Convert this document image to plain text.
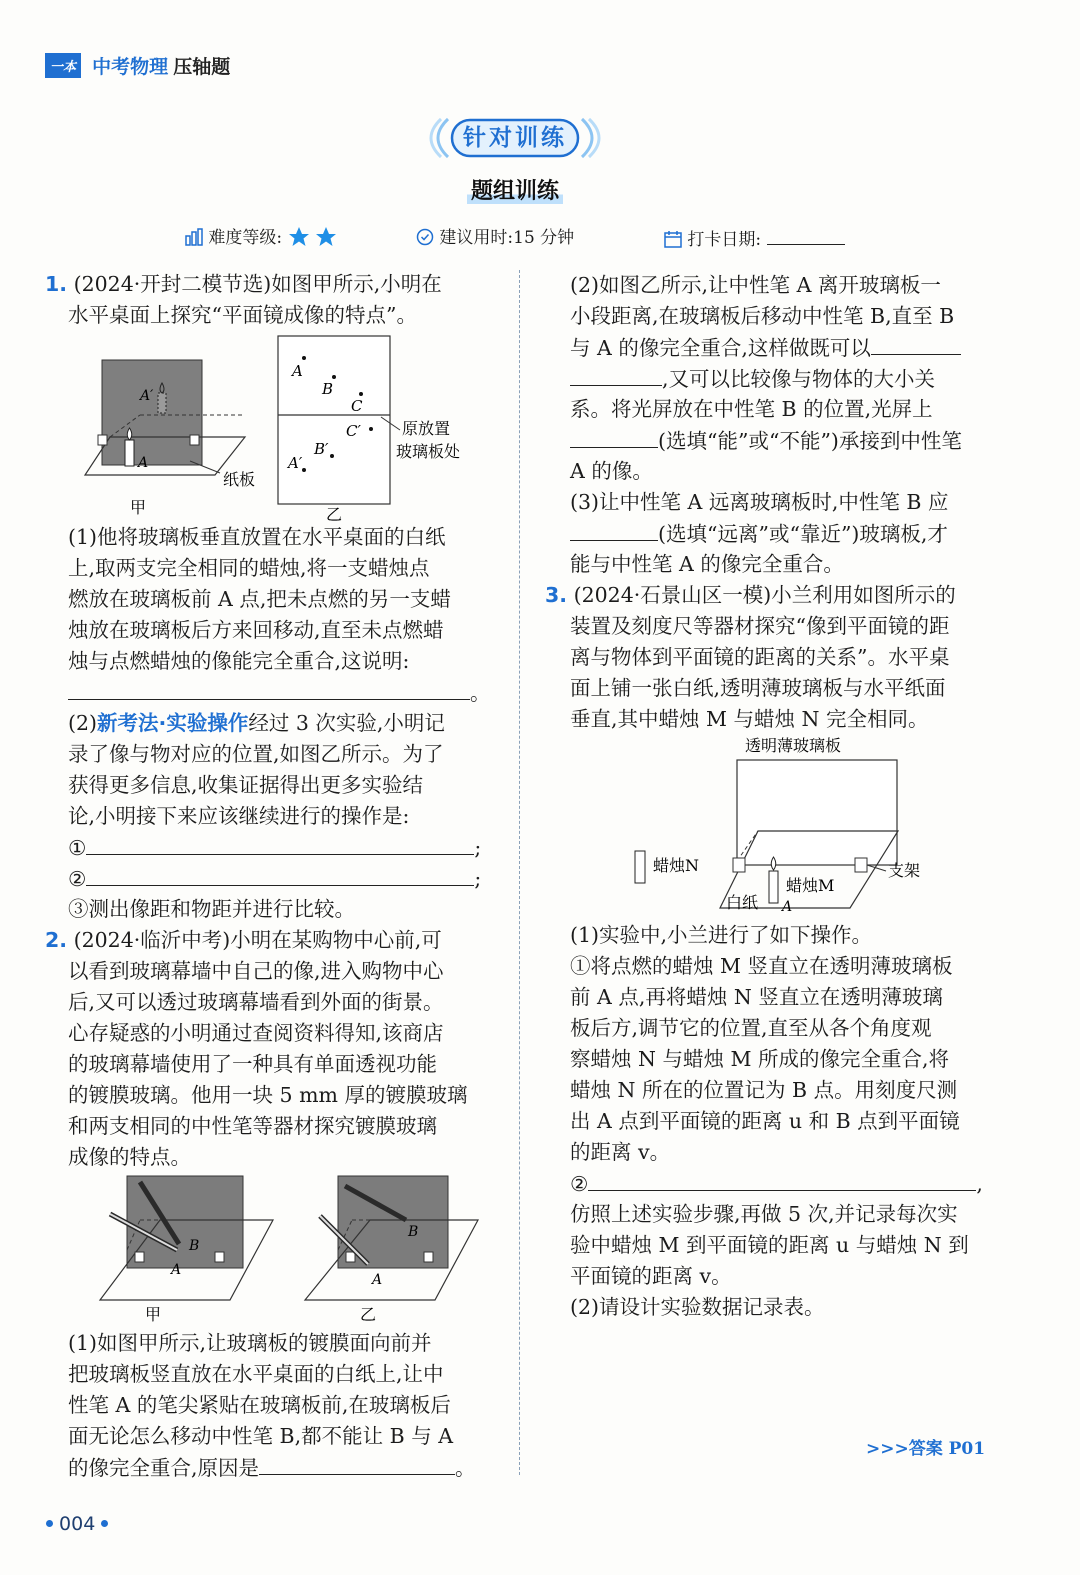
一本 中考物理 压轴题
针对训练
题组训练
难度等级:	建议用时:15 分钟	打卡日期:
1. (2024·开封二模节选)如图甲所示,小明在
水平桌面上探究“平面镜成像的特点”。
A′
A
纸板
甲
A
B
C
C′
B′
A′
原放置
玻璃板处
乙
(1)他将玻璃板垂直放置在水平桌面的白纸
上,取两支完全相同的蜡烛,将一支蜡烛点
燃放在玻璃板前 A 点,把未点燃的另一支蜡
烛放在玻璃板后方来回移动,直至未点燃蜡
烛与点燃蜡烛的像能完全重合,这说明:
。
(2)新考法·实验操作经过 3 次实验,小明记
录了像与物对应的位置,如图乙所示。为了
获得更多信息,收集证据得出更多实验结
论,小明接下来应该继续进行的操作是:
①	;
②	;
③测出像距和物距并进行比较。
2. (2024·临沂中考)小明在某购物中心前,可
以看到玻璃幕墙中自己的像,进入购物中心
后,又可以透过玻璃幕墙看到外面的街景。
心存疑惑的小明通过查阅资料得知,该商店
的玻璃幕墙使用了一种具有单面透视功能
的镀膜玻璃。他用一块 5 mm 厚的镀膜玻璃
和两支相同的中性笔等器材探究镀膜玻璃
成像的特点。
B
A
甲
B
A
乙
(1)如图甲所示,让玻璃板的镀膜面向前并
把玻璃板竖直放在水平桌面的白纸上,让中
性笔 A 的笔尖紧贴在玻璃板前,在玻璃板后
面无论怎么移动中性笔 B,都不能让 B 与 A
的像完全重合,原因是	。
(2)如图乙所示,让中性笔 A 离开玻璃板一
小段距离,在玻璃板后移动中性笔 B,直至 B
与 A 的像完全重合,这样做既可以
,又可以比较像与物体的大小关
系。将光屏放在中性笔 B 的位置,光屏上
(选填“能”或“不能”)承接到中性笔
A 的像。
(3)让中性笔 A 远离玻璃板时,中性笔 B 应
(选填“远离”或“靠近”)玻璃板,才
能与中性笔 A 的像完全重合。
3. (2024·石景山区一模)小兰利用如图所示的
装置及刻度尺等器材探究“像到平面镜的距
离与物体到平面镜的距离的关系”。水平桌
面上铺一张白纸,透明薄玻璃板与水平纸面
垂直,其中蜡烛 M 与蜡烛 N 完全相同。
透明薄玻璃板
蜡烛N	支架
蜡烛M
白纸 A
(1)实验中,小兰进行了如下操作。
①将点燃的蜡烛 M 竖直立在透明薄玻璃板
前 A 点,再将蜡烛 N 竖直立在透明薄玻璃
板后方,调节它的位置,直至从各个角度观
察蜡烛 N 与蜡烛 M 所成的像完全重合,将
蜡烛 N 所在的位置记为 B 点。用刻度尺测
出 A 点到平面镜的距离 u 和 B 点到平面镜
的距离 v。
②	,
仿照上述实验步骤,再做 5 次,并记录每次实
验中蜡烛 M 到平面镜的距离 u 与蜡烛 N 到
平面镜的距离 v。
(2)请设计实验数据记录表。
>>>答案 P01
004
